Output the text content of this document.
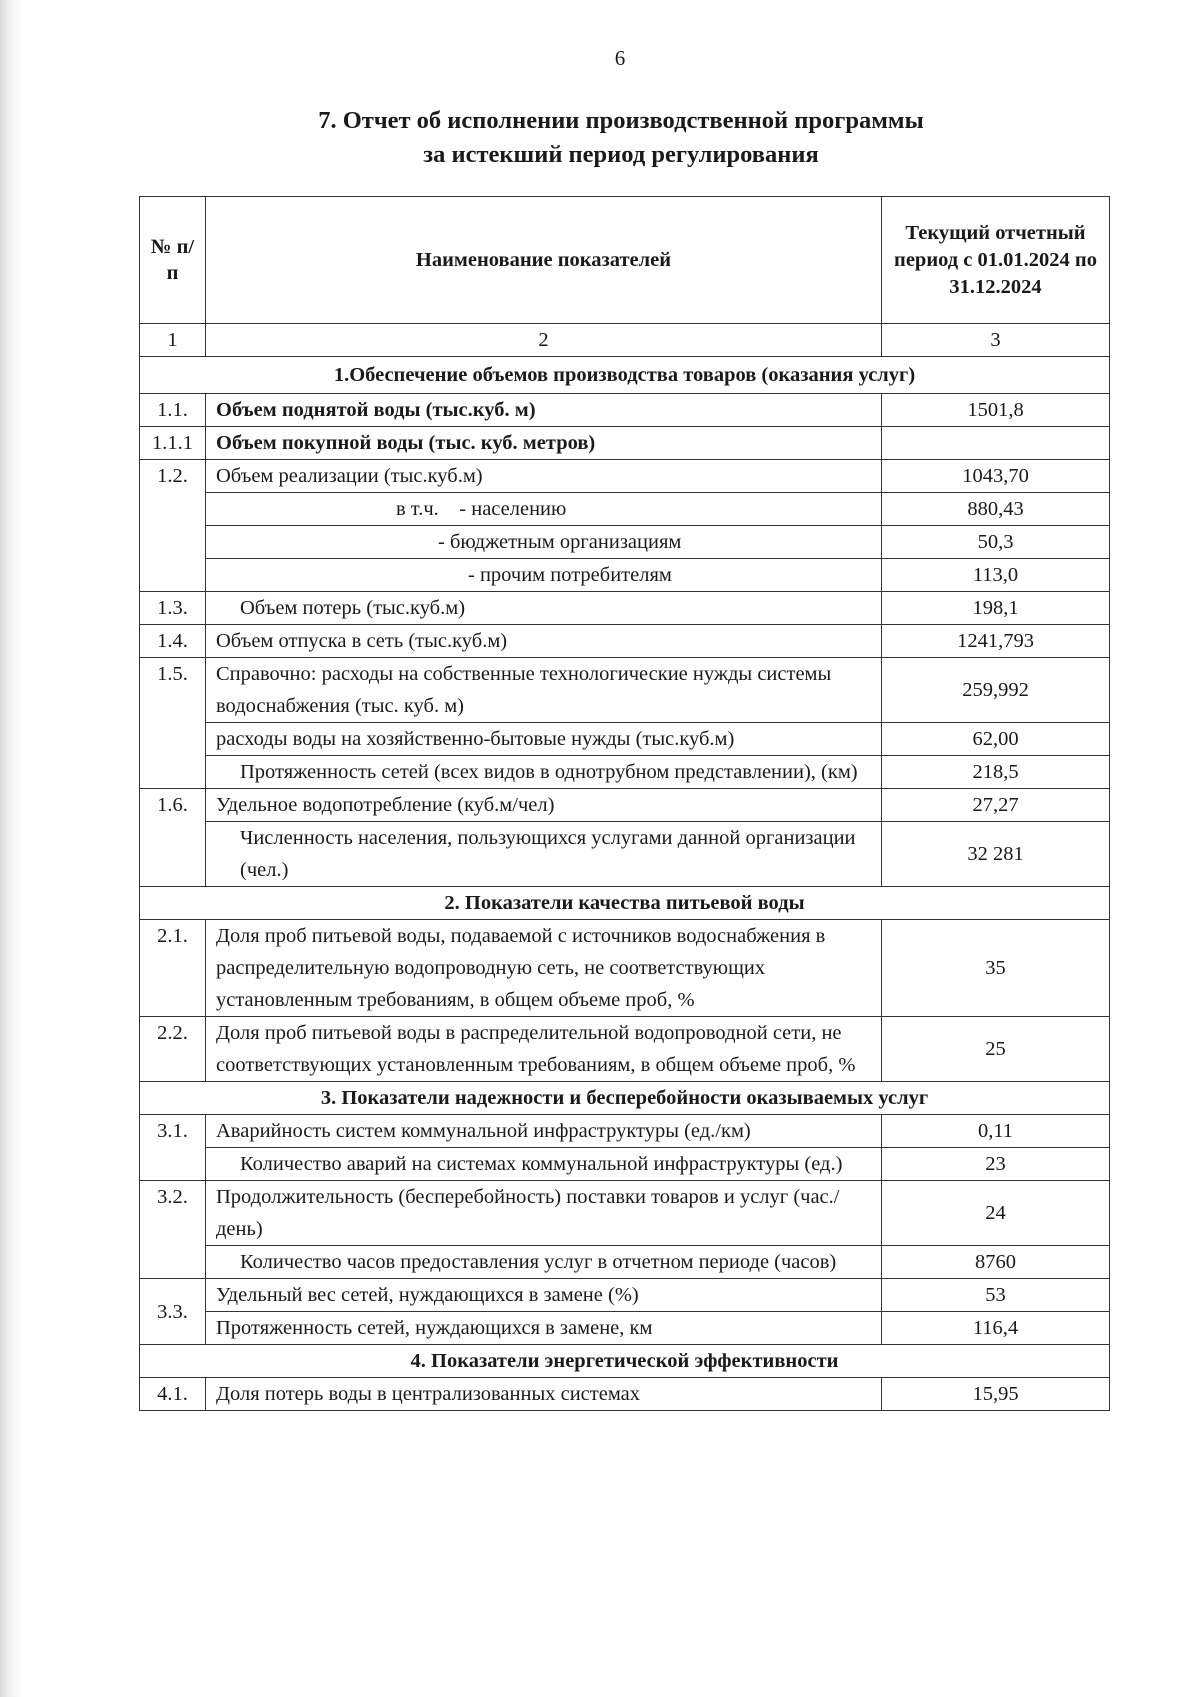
6
7. Отчет об исполнении производственной программы
за истекший период регулирования
№ п/п	Наименование показателей	Текущий отчетный период с 01.01.2024 по 31.12.2024
1	2	3
1.Обеспечение объемов производства товаров (оказания услуг)		
1.1.	Объем поднятой воды (тыс.куб. м)	1501,8
1.1.1	Объем покупной воды (тыс. куб. метров)	
1.2.	Объем реализации (тыс.куб.м)	1043,70
	в т.ч.    - населению	880,43
	- бюджетным организациям	50,3
	- прочим потребителям	113,0
1.3.	Объем потерь (тыс.куб.м)	198,1
1.4.	Объем отпуска в сеть (тыс.куб.м)	1241,793
1.5.	Справочно: расходы на собственные технологические нужды системы водоснабжения (тыс. куб. м)	259,992
	расходы воды на хозяйственно-бытовые нужды (тыс.куб.м)	62,00
	Протяженность сетей (всех видов в однотрубном представлении), (км)	218,5
1.6.	Удельное водопотребление (куб.м/чел)	27,27
	Численность населения, пользующихся услугами данной организации (чел.)	32 281
2. Показатели качества питьевой воды		
2.1.	Доля проб питьевой воды, подаваемой с источников водоснабжения в распределительную водопроводную сеть, не соответствующих установленным требованиям, в общем объеме проб, %	35
2.2.	Доля проб питьевой воды в распределительной водопроводной сети, не соответствующих установленным требованиям, в общем объеме проб, %	25
3. Показатели надежности и бесперебойности оказываемых услуг		
3.1.	Аварийность систем коммунальной инфраструктуры (ед./км)	0,11
	Количество аварий на системах коммунальной инфраструктуры (ед.)	23
3.2.	Продолжительность (бесперебойность) поставки товаров и услуг (час./день)	24
	Количество часов предоставления услуг в отчетном периоде (часов)	8760
3.3.	Удельный вес сетей, нуждающихся в замене (%)	53
	Протяженность сетей, нуждающихся в замене, км	116,4
4. Показатели энергетической эффективности		
4.1.	Доля потерь воды в централизованных системах	15,95
